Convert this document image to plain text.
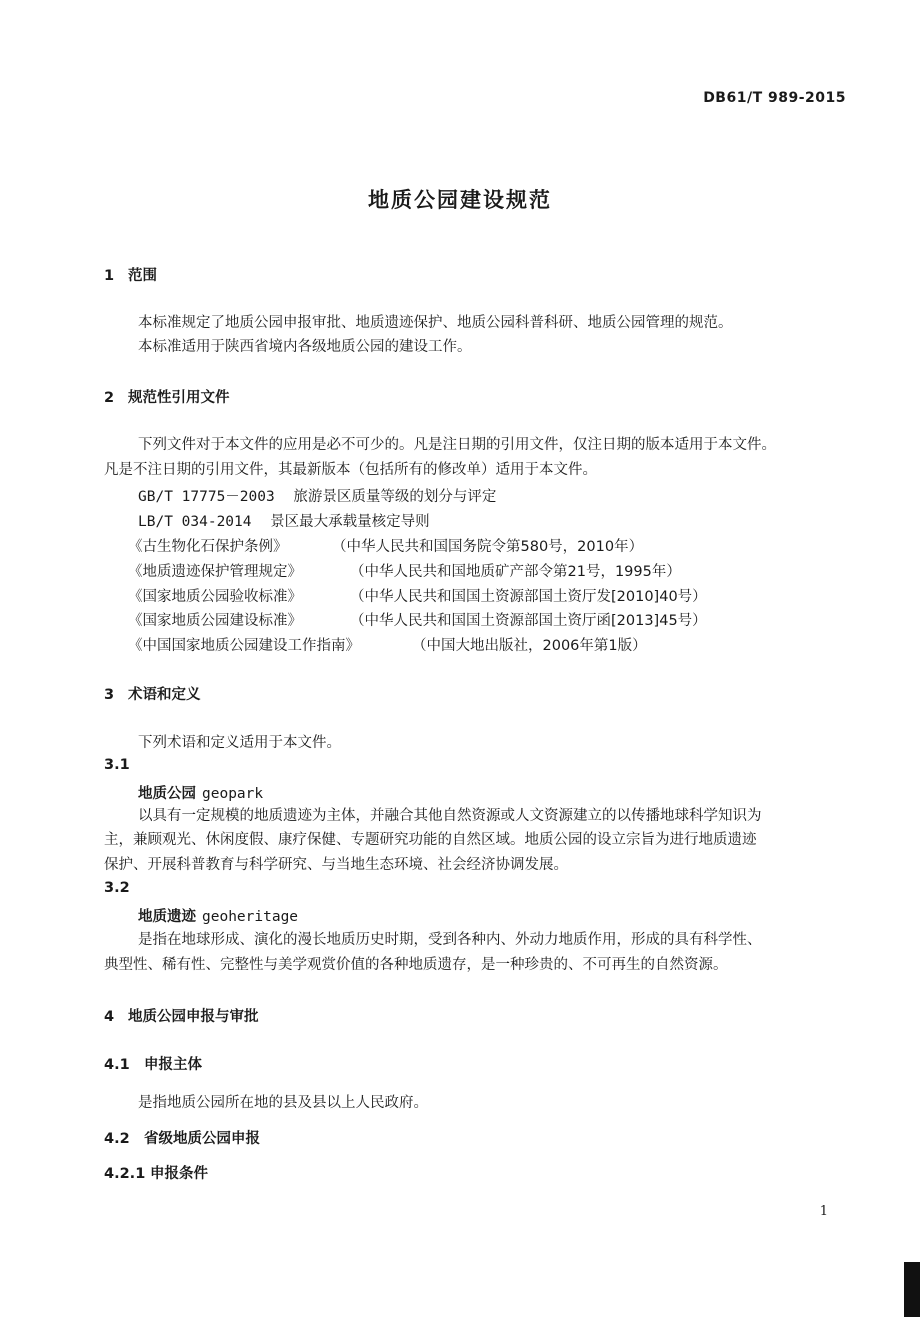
DB61/T 989-2015
地质公园建设规范
1 范围
本标准规定了地质公园申报审批、地质遗迹保护、地质公园科普科研、地质公园管理的规范。
本标准适用于陕西省境内各级地质公园的建设工作。
2 规范性引用文件
下列文件对于本文件的应用是必不可少的。凡是注日期的引用文件，仅注日期的版本适用于本文件。
凡是不注日期的引用文件，其最新版本（包括所有的修改单）适用于本文件。
GB/T 17775－2003 旅游景区质量等级的划分与评定
LB/T 034-2014 景区最大承载量核定导则
《古生物化石保护条例》	（中华人民共和国国务院令第580号，2010年）
《地质遗迹保护管理规定》	（中华人民共和国地质矿产部令第21号，1995年）
《国家地质公园验收标准》	（中华人民共和国国土资源部国土资厅发[2010]40号）
《国家地质公园建设标准》	（中华人民共和国国土资源部国土资厅函[2013]45号）
《中国国家地质公园建设工作指南》	（中国大地出版社，2006年第1版）
3 术语和定义
下列术语和定义适用于本文件。
3.1
地质公园 geopark
以具有一定规模的地质遗迹为主体，并融合其他自然资源或人文资源建立的以传播地球科学知识为
主，兼顾观光、休闲度假、康疗保健、专题研究功能的自然区域。地质公园的设立宗旨为进行地质遗迹
保护、开展科普教育与科学研究、与当地生态环境、社会经济协调发展。
3.2
地质遗迹 geoheritage
是指在地球形成、演化的漫长地质历史时期，受到各种内、外动力地质作用，形成的具有科学性、
典型性、稀有性、完整性与美学观赏价值的各种地质遗存，是一种珍贵的、不可再生的自然资源。
4 地质公园申报与审批
4.1 申报主体
是指地质公园所在地的县及县以上人民政府。
4.2 省级地质公园申报
4.2.1 申报条件
1
